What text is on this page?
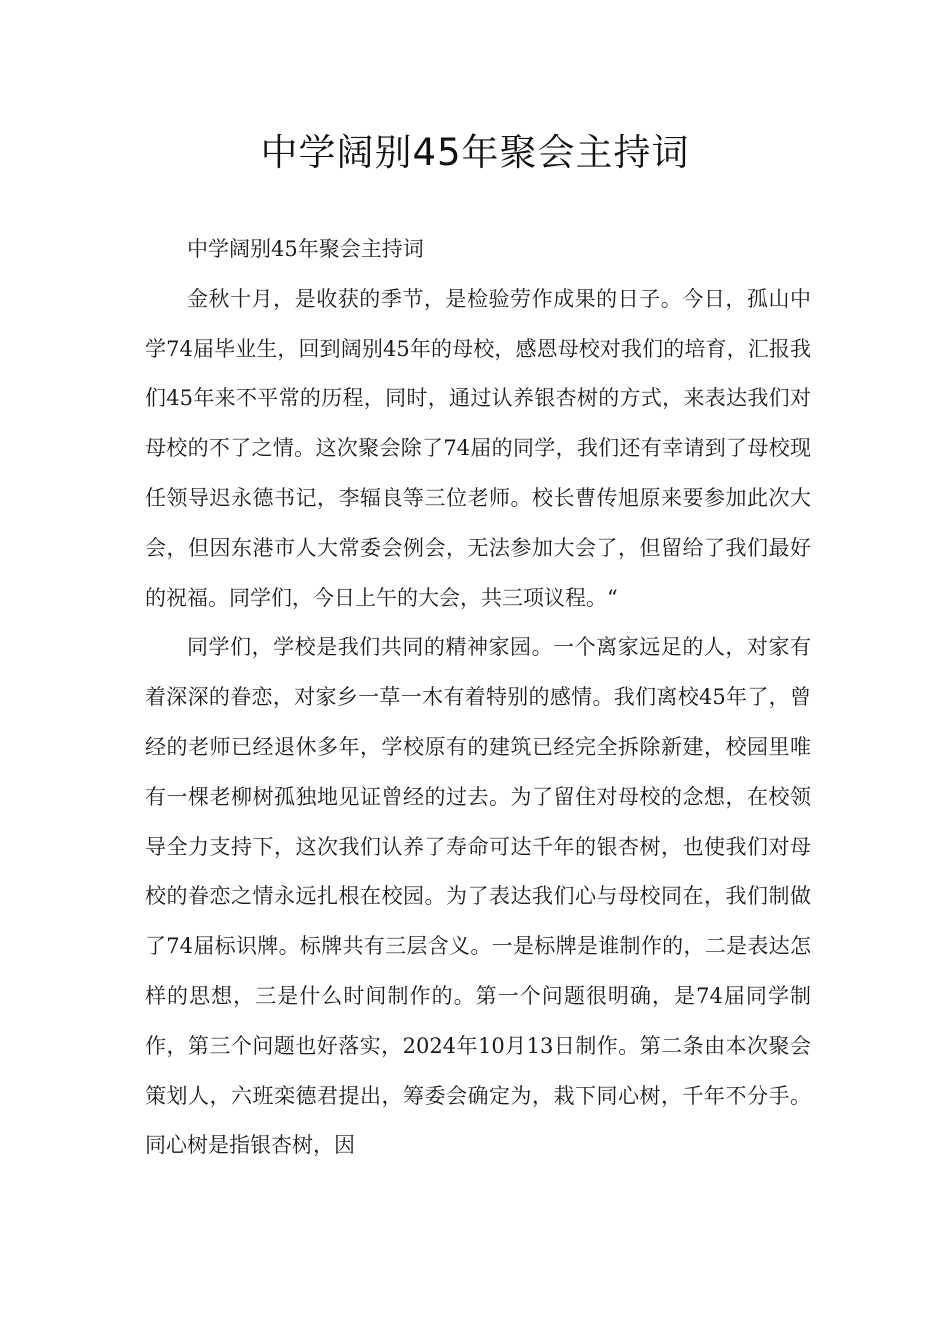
中学阔别45年聚会主持词

中学阔别45年聚会主持词

金秋十月，是收获的季节，是检验劳作成果的日子。今日，孤山中学74届毕业生，回到阔别45年的母校，感恩母校对我们的培育，汇报我们45年来不平常的历程，同时，通过认养银杏树的方式，来表达我们对母校的不了之情。这次聚会除了74届的同学，我们还有幸请到了母校现任领导迟永德书记，李辐良等三位老师。校长曹传旭原来要参加此次大会，但因东港市人大常委会例会，无法参加大会了，但留给了我们最好的祝福。同学们，今日上午的大会，共三项议程。“

同学们，学校是我们共同的精神家园。一个离家远足的人，对家有着深深的眷恋，对家乡一草一木有着特别的感情。我们离校45年了，曾经的老师已经退休多年，学校原有的建筑已经完全拆除新建，校园里唯有一棵老柳树孤独地见证曾经的过去。为了留住对母校的念想，在校领导全力支持下，这次我们认养了寿命可达千年的银杏树，也使我们对母校的眷恋之情永远扎根在校园。为了表达我们心与母校同在，我们制做了74届标识牌。标牌共有三层含义。一是标牌是谁制作的，二是表达怎样的思想，三是什么时间制作的。第一个问题很明确，是74届同学制作，第三个问题也好落实，2024年10月13日制作。第二条由本次聚会策划人，六班栾德君提出，筹委会确定为，栽下同心树，千年不分手。同心树是指银杏树，因
